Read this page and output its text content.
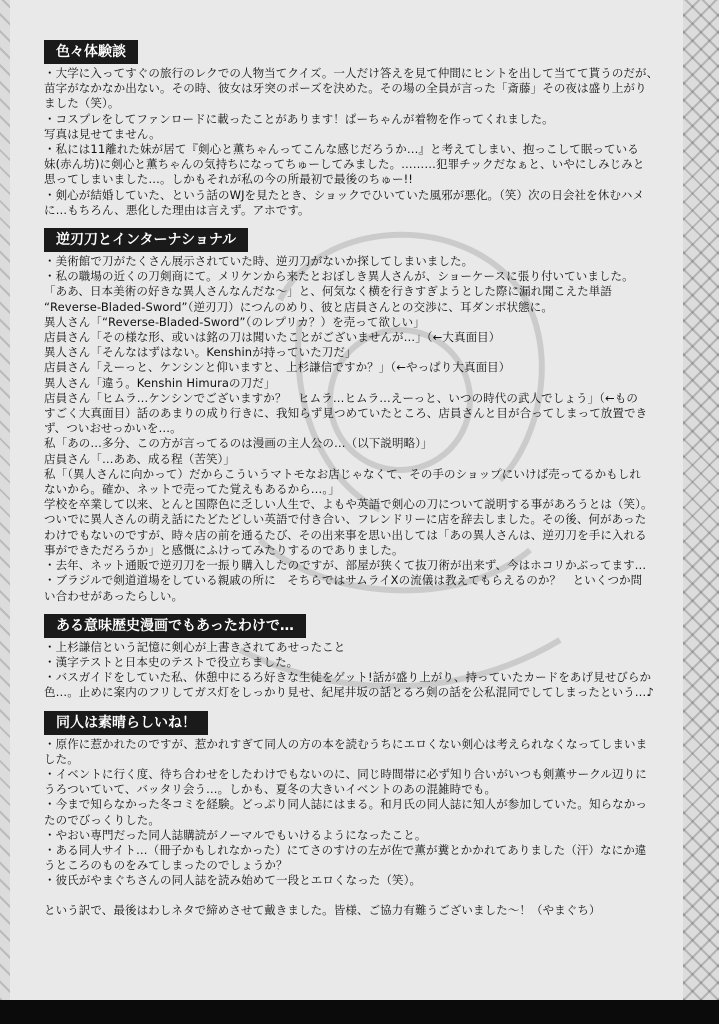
色々体験談

・大学に入ってすぐの旅行のレクでの人物当てクイズ。一人だけ答えを見て仲間にヒントを出して当てて貰うのだが、
苗字がなかなか出ない。その時、彼女は牙突のポーズを決めた。その場の全員が言った「斎藤」その夜は盛り上がり
ました（笑）。
・コスプレをしてファンロードに載ったことがあります！ぱーちゃんが着物を作ってくれました。
写真は見せてません。
・私には11離れた妹が居て『剣心と薫ちゃんってこんな感じだろうか…』と考えてしまい、抱っこして眠っている
妹(赤ん坊)に剣心と薫ちゃんの気持ちになってちゅーしてみました。………犯罪チックだなぁと、いやにしみじみと
思ってしまいました…。しかもそれが私の今の所最初で最後のちゅー!!
・剣心が結婚していた、という話のWJを見たとき、ショックでひいていた風邪が悪化。（笑）次の日会社を休むハメ
に…もちろん、悪化した理由は言えず。アホです。

逆刃刀とインターナショナル

・美術館で刀がたくさん展示されていた時、逆刃刀がないか探してしまいました。
・私の職場の近くの刀剣商にて。メリケンから来たとおぼしき異人さんが、ショーケースに張り付いていました。
「ああ、日本美術の好きな異人さんなんだな～」と、何気なく横を行きすぎようとした際に漏れ聞こえた単語
“Reverse-Bladed-Sword”（逆刃刀）につんのめり、彼と店員さんとの交渉に、耳ダンボ状態に。
異人さん「“Reverse-Bladed-Sword”（のレプリカ？）を売って欲しい」
店員さん「その様な形、或いは銘の刀は聞いたことがございませんが…」（←大真面目）
異人さん「そんなはずはない。Kenshinが持っていた刀だ」
店員さん「えーっと、ケンシンと仰いますと、上杉謙信ですか？」（←やっぱり大真面目）
異人さん「違う。Kenshin Himuraの刀だ」
店員さん「ヒムラ…ケンシンでございますか？　ヒムラ…ヒムラ…えーっと、いつの時代の武人でしょう」（←もの
すごく大真面目）話のあまりの成り行きに、我知らず見つめていたところ、店員さんと目が合ってしまって放置でき
ず、ついおせっかいを…。
私「あの…多分、この方が言ってるのは漫画の主人公の…（以下説明略）」
店員さん「…ああ、成る程（苦笑）」
私「（異人さんに向かって）だからこういうマトモなお店じゃなくて、その手のショップにいけば売ってるかもしれ
ないから。確か、ネットで売ってた覚えもあるから…。」
学校を卒業して以来、とんと国際色に乏しい人生で、よもや英語で剣心の刀について説明する事があろうとは（笑）。
ついでに異人さんの萌え話にたどたどしい英語で付き合い、フレンドリーに店を辞去しました。その後、何があった
わけでもないのですが、時々店の前を通るたび、その出来事を思い出しては「あの異人さんは、逆刃刀を手に入れる
事ができただろうか」と感慨にふけってみたりするのでありました。
・去年、ネット通販で逆刃刀を一振り購入したのですが、部屋が狭くて抜刀術が出来ず、今はホコリかぶってます…
・ブラジルで剣道道場をしている親戚の所に　そちらではサムライXの流儀は教えてもらえるのか？　といくつか問
い合わせがあったらしい。

ある意味歴史漫画でもあったわけで…

・上杉謙信という記憶に剣心が上書きされてあせったこと
・漢字テストと日本史のテストで役立ちました。
・バスガイドをしていた私、休憩中にるろ好きな生徒をゲット!話が盛り上がり、持っていたカードをあげ見せびらか
色…。止めに案内のフリしてガス灯をしっかり見せ、紀尾井坂の話とるろ剣の話を公私混同でしてしまったという…♪

同人は素晴らしいね！

・原作に惹かれたのですが、惹かれすぎて同人の方の本を読むうちにエロくない剣心は考えられなくなってしまいま
した。
・イベントに行く度、待ち合わせをしたわけでもないのに、同じ時間帯に必ず知り合いがいつも剣薫サークル辺りに
うろついていて、バッタリ会う…。しかも、夏冬の大きいイベントのあの混雑時でも。
・今まで知らなかった冬コミを経験。どっぷり同人誌にはまる。和月氏の同人誌に知人が参加していた。知らなかっ
たのでびっくりした。
・やおい専門だった同人誌購読がノーマルでもいけるようになったこと。
・ある同人サイト…（冊子かもしれなかった）にてさのすけの左が佐で薫が糞とかかれてありました（汗）なにか違
うところのものをみてしまったのでしょうか？
・彼氏がやまぐちさんの同人誌を読み始めて一段とエロくなった（笑）。

という訳で、最後はわしネタで締めさせて戴きました。皆様、ご協力有難うございました～！（やまぐち）
